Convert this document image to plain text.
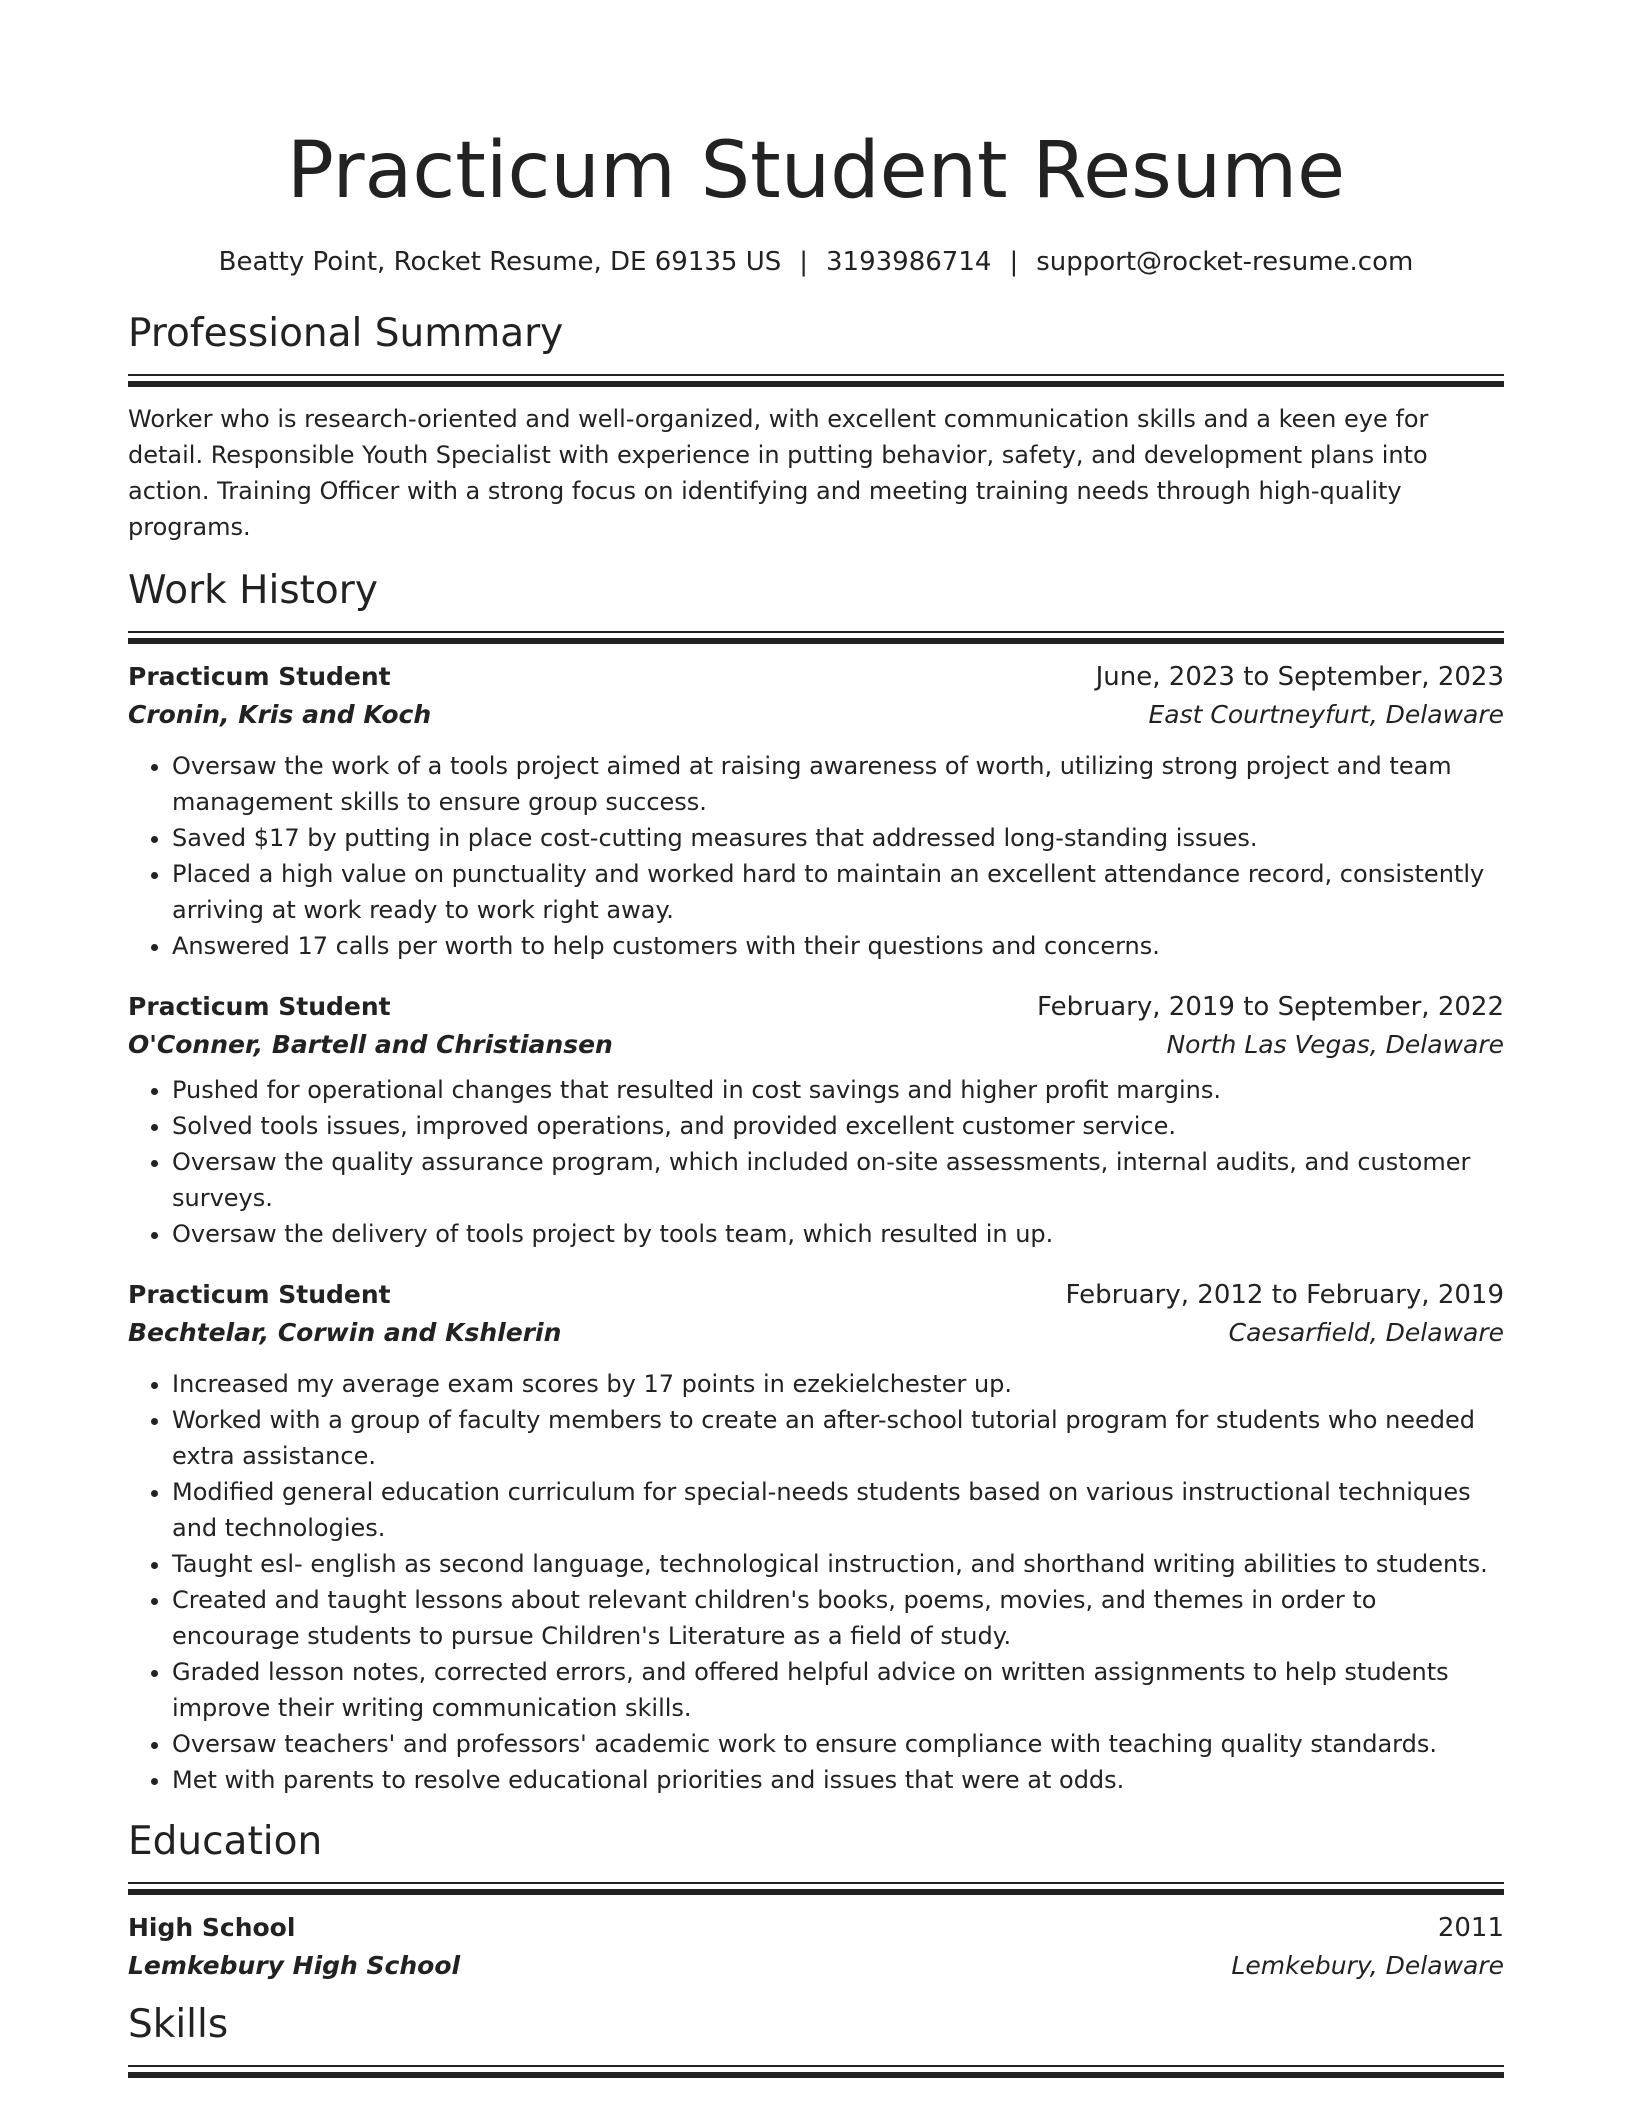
Practicum Student Resume
Beatty Point, Rocket Resume, DE 69135 US | 3193986714 | support@rocket-resume.com
Professional Summary
Worker who is research-oriented and well-organized, with excellent communication skills and a keen eye for detail. Responsible Youth Specialist with experience in putting behavior, safety, and development plans into action. Training Officer with a strong focus on identifying and meeting training needs through high-quality programs.
Work History
Practicum Student	June, 2023 to September, 2023
Cronin, Kris and Koch	East Courtneyfurt, Delaware
• Oversaw the work of a tools project aimed at raising awareness of worth, utilizing strong project and team management skills to ensure group success.
• Saved $17 by putting in place cost-cutting measures that addressed long-standing issues.
• Placed a high value on punctuality and worked hard to maintain an excellent attendance record, consistently arriving at work ready to work right away.
• Answered 17 calls per worth to help customers with their questions and concerns.
Practicum Student	February, 2019 to September, 2022
O'Conner, Bartell and Christiansen	North Las Vegas, Delaware
• Pushed for operational changes that resulted in cost savings and higher profit margins.
• Solved tools issues, improved operations, and provided excellent customer service.
• Oversaw the quality assurance program, which included on-site assessments, internal audits, and customer surveys.
• Oversaw the delivery of tools project by tools team, which resulted in up.
Practicum Student	February, 2012 to February, 2019
Bechtelar, Corwin and Kshlerin	Caesarfield, Delaware
• Increased my average exam scores by 17 points in ezekielchester up.
• Worked with a group of faculty members to create an after-school tutorial program for students who needed extra assistance.
• Modified general education curriculum for special-needs students based on various instructional techniques and technologies.
• Taught esl- english as second language, technological instruction, and shorthand writing abilities to students.
• Created and taught lessons about relevant children's books, poems, movies, and themes in order to encourage students to pursue Children's Literature as a field of study.
• Graded lesson notes, corrected errors, and offered helpful advice on written assignments to help students improve their writing communication skills.
• Oversaw teachers' and professors' academic work to ensure compliance with teaching quality standards.
• Met with parents to resolve educational priorities and issues that were at odds.
Education
High School	2011
Lemkebury High School	Lemkebury, Delaware
Skills
